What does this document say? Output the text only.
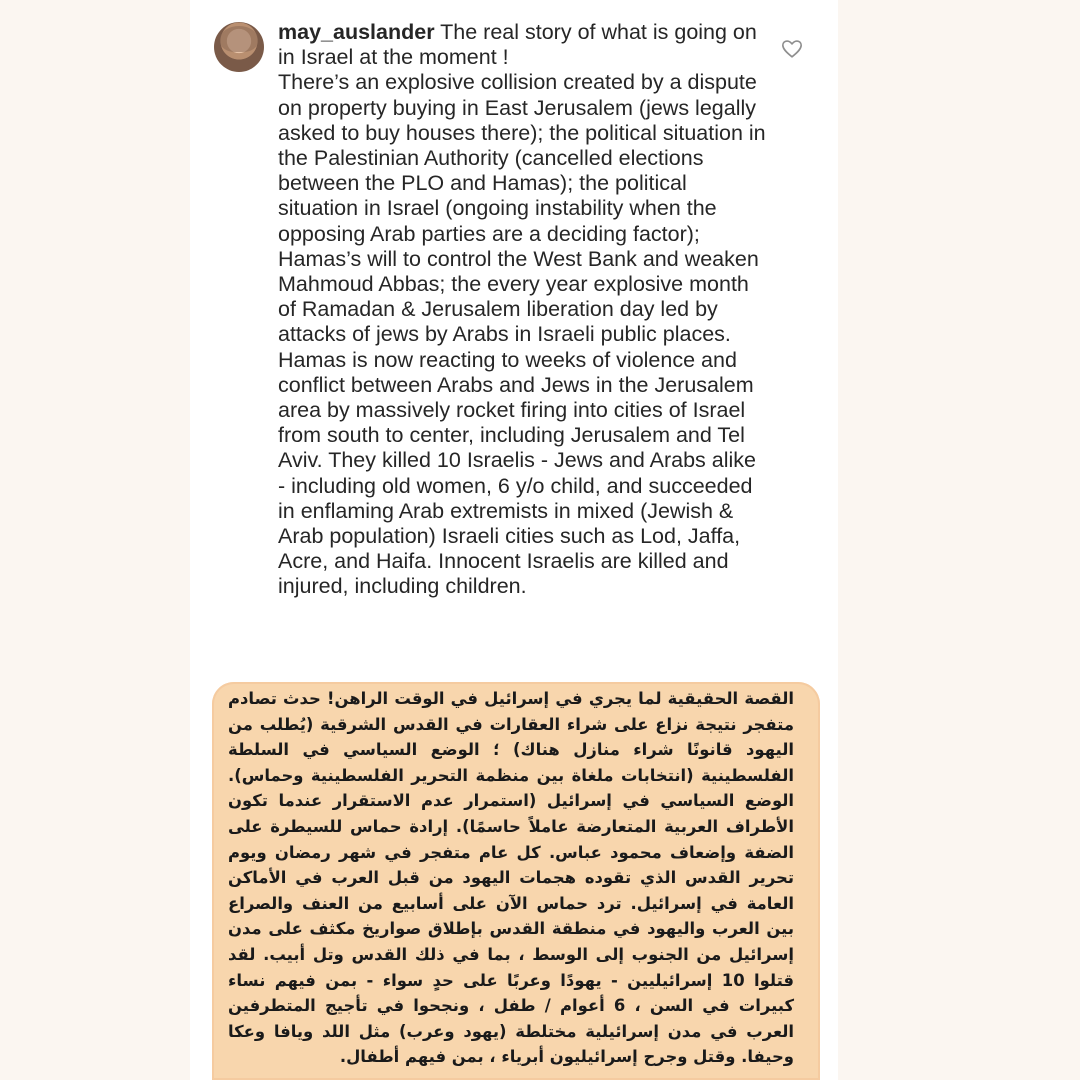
may_auslander The real story of what is going on in Israel at the moment !

There’s an explosive collision created by a dispute on property buying in East Jerusalem (jews legally asked to buy houses there); the political situation in the Palestinian Authority (cancelled elections between the PLO and Hamas); the political situation in Israel (ongoing instability when the opposing Arab parties are a deciding factor); Hamas’s will to control the West Bank and weaken Mahmoud Abbas; the every year explosive month of Ramadan & Jerusalem liberation day led by attacks of jews by Arabs in Israeli public places.

Hamas is now reacting to weeks of violence and conflict between Arabs and Jews in the Jerusalem area by massively rocket firing into cities of Israel from south to center, including Jerusalem and Tel Aviv. They killed 10 Israelis - Jews and Arabs alike - including old women, 6 y/o child, and succeeded in enflaming Arab extremists in mixed (Jewish & Arab population) Israeli cities such as Lod, Jaffa, Acre, and Haifa. Innocent Israelis are killed and injured, including children.

القصة الحقيقية لما يجري في إسرائيل في الوقت الراهن! حدث تصادم متفجر نتيجة نزاع على شراء العقارات في القدس الشرقية (يُطلب من اليهود قانونًا شراء منازل هناك) ؛ الوضع السياسي في السلطة الفلسطينية (انتخابات ملغاة بين منظمة التحرير الفلسطينية وحماس). الوضع السياسي في إسرائيل (استمرار عدم الاستقرار عندما تكون الأطراف العربية المتعارضة عاملاً حاسمًا). إرادة حماس للسيطرة على الضفة وإضعاف محمود عباس. كل عام متفجر في شهر رمضان ويوم تحرير القدس الذي تقوده هجمات اليهود من قبل العرب في الأماكن العامة في إسرائيل. ترد حماس الآن على أسابيع من العنف والصراع بين العرب واليهود في منطقة القدس بإطلاق صواريخ مكثف على مدن إسرائيل من الجنوب إلى الوسط ، بما في ذلك القدس وتل أبيب. لقد قتلوا 10 إسرائيليين - يهودًا وعربًا على حدٍ سواء - بمن فيهم نساء كبيرات في السن ، 6 أعوام / طفل ، ونجحوا في تأجيج المتطرفين العرب في مدن إسرائيلية مختلطة (يهود وعرب) مثل اللد ويافا وعكا وحيفا. وقتل وجرح إسرائيليون أبرياء ، بمن فيهم أطفال.
